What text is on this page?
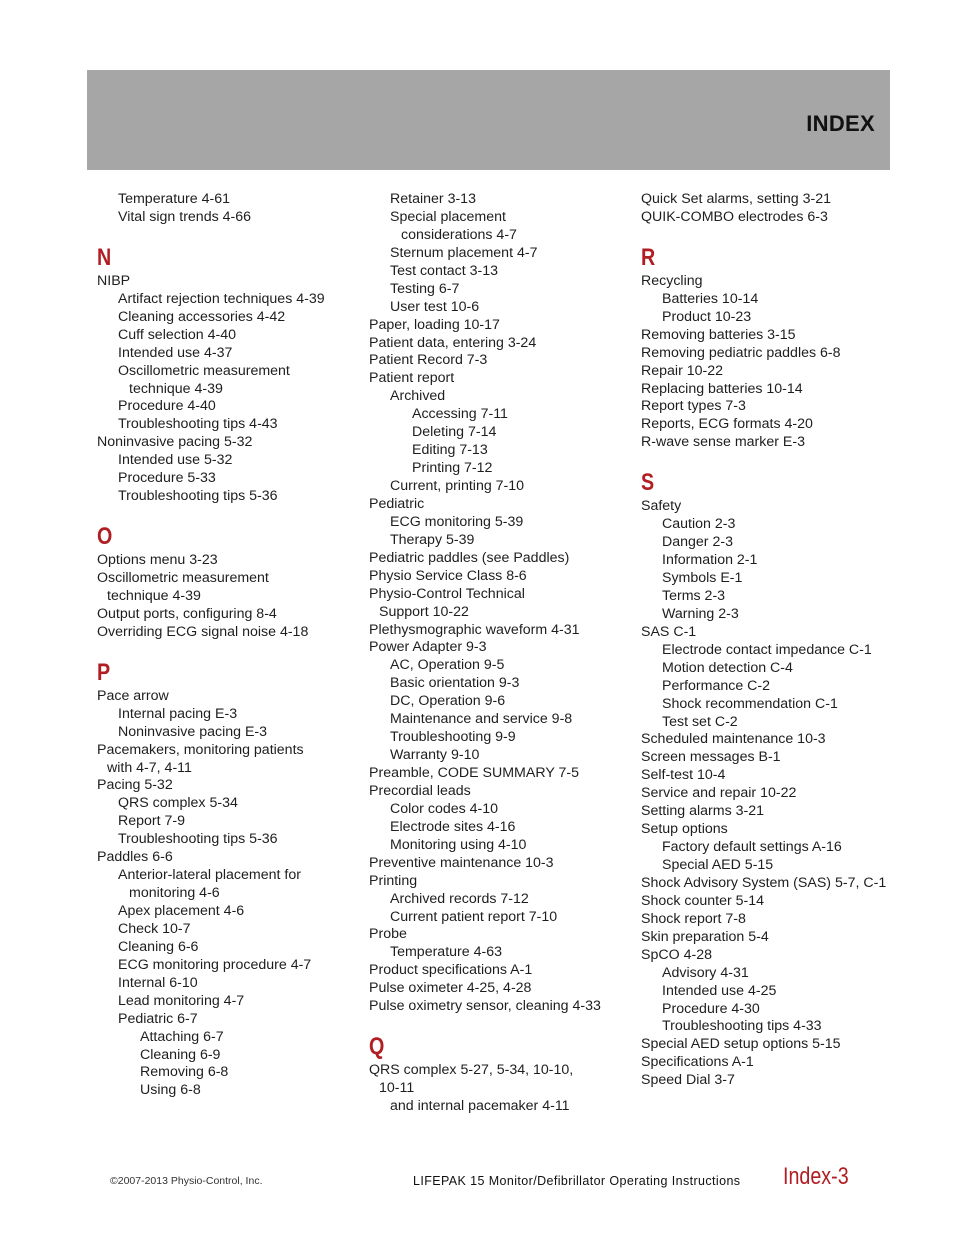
INDEX
Temperature 4-61
Vital sign trends 4-66
N
NIBP
Artifact rejection techniques 4-39
Cleaning accessories 4-42
Cuff selection 4-40
Intended use 4-37
Oscillometric measurement
technique 4-39
Procedure 4-40
Troubleshooting tips 4-43
Noninvasive pacing 5-32
Intended use 5-32
Procedure 5-33
Troubleshooting tips 5-36
O
Options menu 3-23
Oscillometric measurement
technique 4-39
Output ports, configuring 8-4
Overriding ECG signal noise 4-18
P
Pace arrow
Internal pacing E-3
Noninvasive pacing E-3
Pacemakers, monitoring patients
with 4-7, 4-11
Pacing 5-32
QRS complex 5-34
Report 7-9
Troubleshooting tips 5-36
Paddles 6-6
Anterior-lateral placement for
monitoring 4-6
Apex placement 4-6
Check 10-7
Cleaning 6-6
ECG monitoring procedure 4-7
Internal 6-10
Lead monitoring 4-7
Pediatric 6-7
Attaching 6-7
Cleaning 6-9
Removing 6-8
Using 6-8
Retainer 3-13
Special placement
considerations 4-7
Sternum placement 4-7
Test contact 3-13
Testing 6-7
User test 10-6
Paper, loading 10-17
Patient data, entering 3-24
Patient Record 7-3
Patient report
Archived
Accessing 7-11
Deleting 7-14
Editing 7-13
Printing 7-12
Current, printing 7-10
Pediatric
ECG monitoring 5-39
Therapy 5-39
Pediatric paddles (see Paddles)
Physio Service Class 8-6
Physio-Control Technical
Support 10-22
Plethysmographic waveform 4-31
Power Adapter 9-3
AC, Operation 9-5
Basic orientation 9-3
DC, Operation 9-6
Maintenance and service 9-8
Troubleshooting 9-9
Warranty 9-10
Preamble, CODE SUMMARY 7-5
Precordial leads
Color codes 4-10
Electrode sites 4-16
Monitoring using 4-10
Preventive maintenance 10-3
Printing
Archived records 7-12
Current patient report 7-10
Probe
Temperature 4-63
Product specifications A-1
Pulse oximeter 4-25, 4-28
Pulse oximetry sensor, cleaning 4-33
Q
QRS complex 5-27, 5-34, 10-10,
10-11
and internal pacemaker 4-11
Quick Set alarms, setting 3-21
QUIK-COMBO electrodes 6-3
R
Recycling
Batteries 10-14
Product 10-23
Removing batteries 3-15
Removing pediatric paddles 6-8
Repair 10-22
Replacing batteries 10-14
Report types 7-3
Reports, ECG formats 4-20
R-wave sense marker E-3
S
Safety
Caution 2-3
Danger 2-3
Information 2-1
Symbols E-1
Terms 2-3
Warning 2-3
SAS C-1
Electrode contact impedance C-1
Motion detection C-4
Performance C-2
Shock recommendation C-1
Test set C-2
Scheduled maintenance 10-3
Screen messages B-1
Self-test 10-4
Service and repair 10-22
Setting alarms 3-21
Setup options
Factory default settings A-16
Special AED 5-15
Shock Advisory System (SAS) 5-7, C-1
Shock counter 5-14
Shock report 7-8
Skin preparation 5-4
SpCO 4-28
Advisory 4-31
Intended use 4-25
Procedure 4-30
Troubleshooting tips 4-33
Special AED setup options 5-15
Specifications A-1
Speed Dial 3-7
©2007-2013 Physio-Control, Inc.	LIFEPAK 15 Monitor/Defibrillator Operating Instructions Index-3
